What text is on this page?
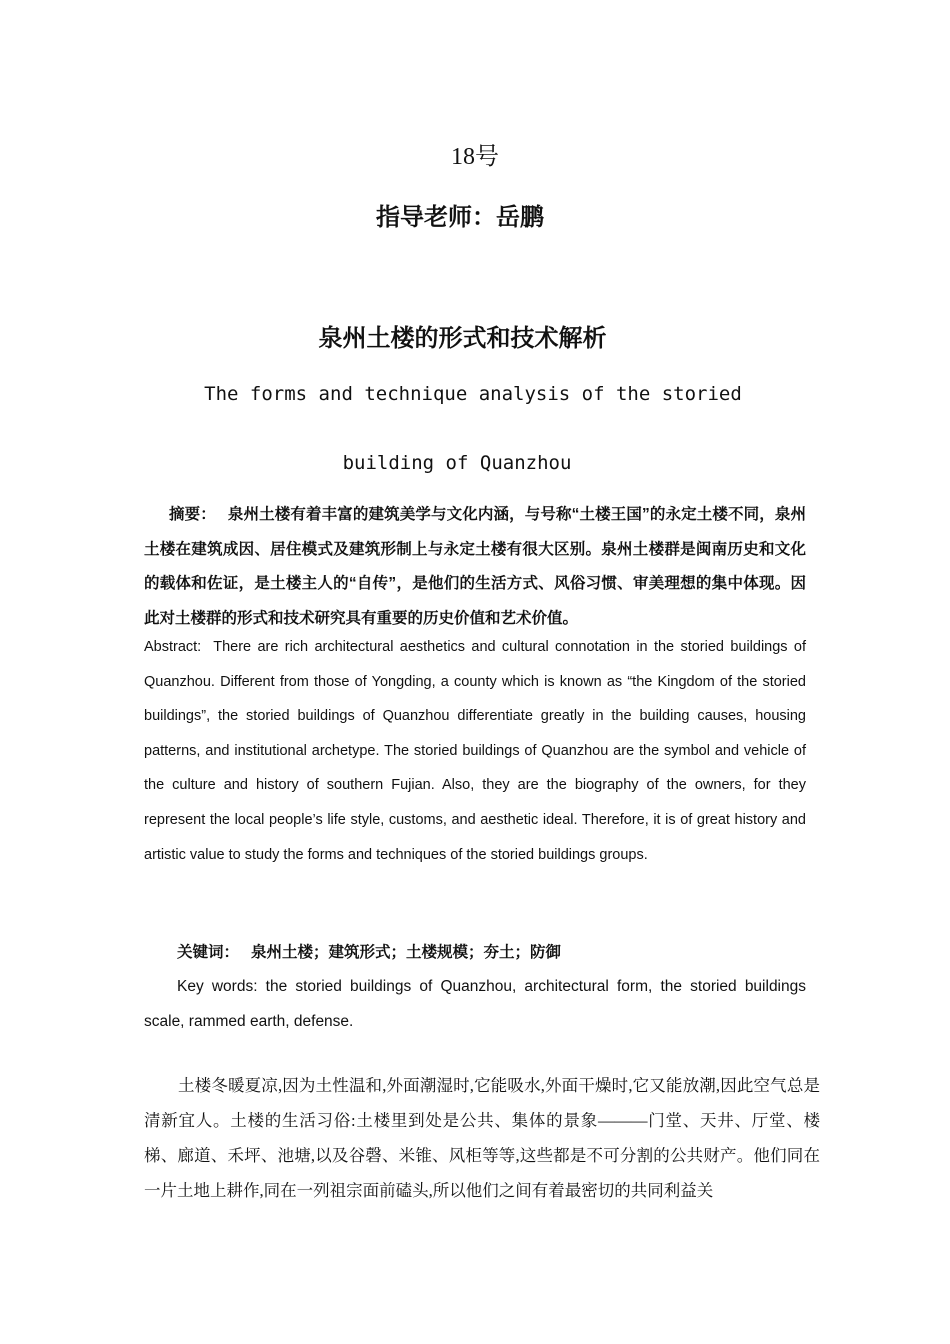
18号
指导老师：岳鹏
泉州土楼的形式和技术解析
The forms and technique analysis of the storied
building of Quanzhou
摘要： 泉州土楼有着丰富的建筑美学与文化内涵，与号称“土楼王国”的永定土楼不同，泉州土楼在建筑成因、居住模式及建筑形制上与永定土楼有很大区别。泉州土楼群是闽南历史和文化的载体和佐证，是土楼主人的“自传”，是他们的生活方式、风俗习惯、审美理想的集中体现。因此对土楼群的形式和技术研究具有重要的历史价值和艺术价值。
Abstract: There are rich architectural aesthetics and cultural connotation in the storied buildings of Quanzhou. Different from those of Yongding, a county which is known as “the Kingdom of the storied buildings”, the storied buildings of Quanzhou differentiate greatly in the building causes, housing patterns, and institutional archetype. The storied buildings of Quanzhou are the symbol and vehicle of the culture and history of southern Fujian. Also, they are the biography of the owners, for they represent the local people’s life style, customs, and aesthetic ideal. Therefore, it is of great history and artistic value to study the forms and techniques of the storied buildings groups.
关键词： 泉州土楼；建筑形式；土楼规模；夯土；防御
Key words: the storied buildings of Quanzhou, architectural form, the storied buildings scale, rammed earth, defense.
土楼冬暖夏凉,因为土性温和,外面潮湿时,它能吸水,外面干燥时,它又能放潮,因此空气总是清新宜人。土楼的生活习俗:土楼里到处是公共、集体的景象———门堂、天井、厅堂、楼梯、廊道、禾坪、池塘,以及谷磬、米锥、风柜等等,这些都是不可分割的公共财产。他们同在一片土地上耕作,同在一列祖宗面前磕头,所以他们之间有着最密切的共同利益关
